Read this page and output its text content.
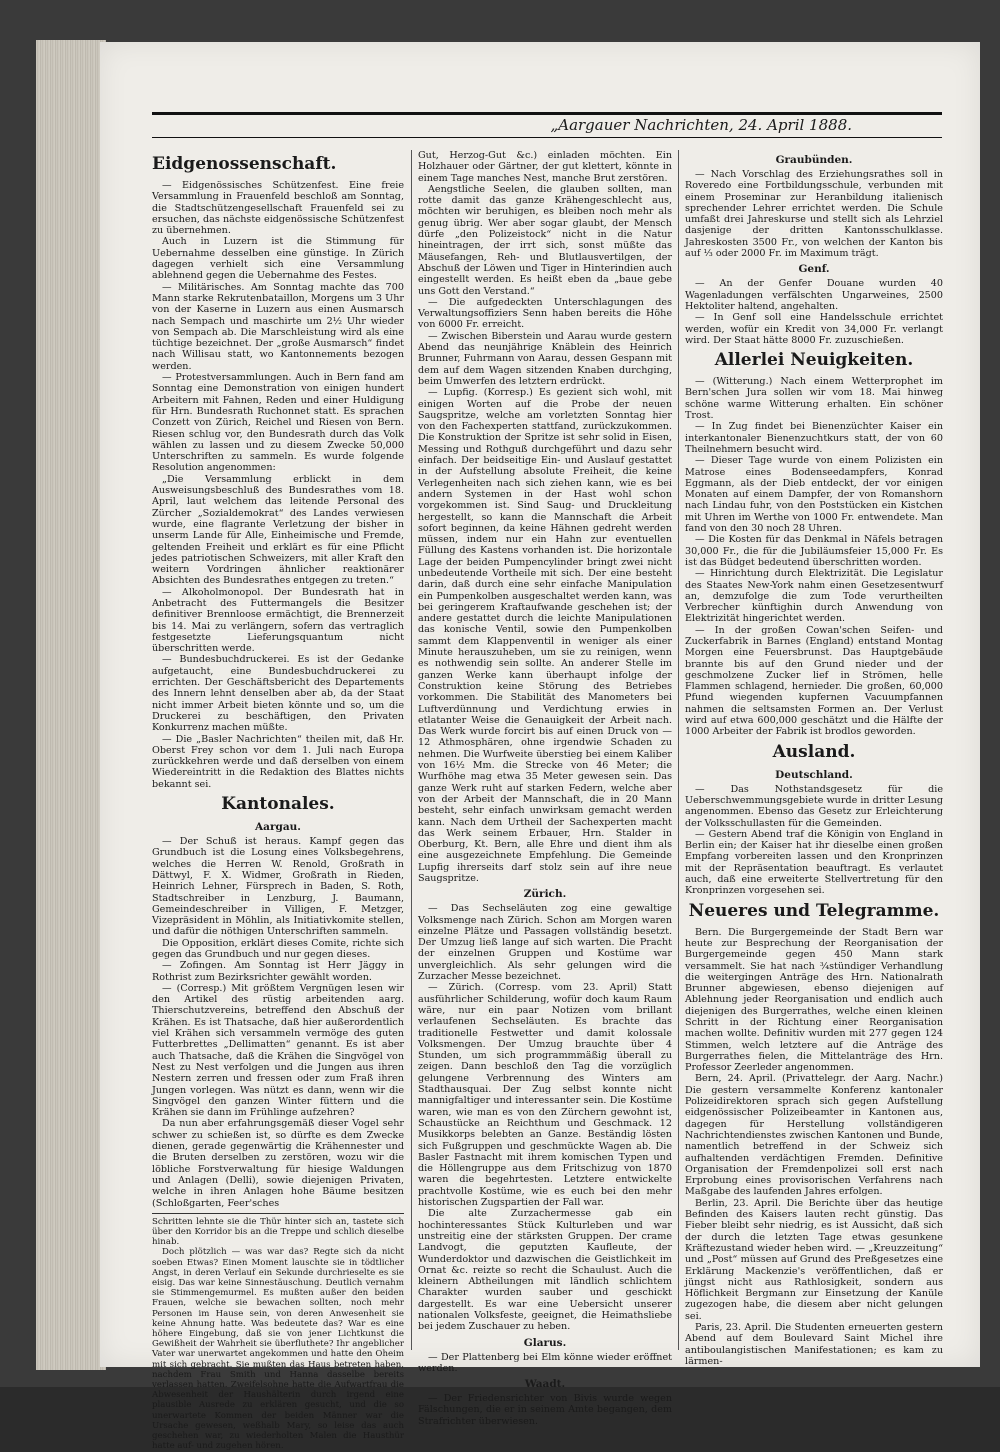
„Aargauer Nachrichten, 24. April 1888.
Eidgenossenschaft.

— Eidgenössisches Schützenfest. Eine freie Versammlung in Frauenfeld beschloß am Sonntag, die Stadtschützengesellschaft Frauenfeld sei zu ersuchen, das nächste eidgenössische Schützenfest zu übernehmen.

Auch in Luzern ist die Stimmung für Uebernahme desselben eine günstige. In Zürich dagegen verhielt sich eine Versammlung ablehnend gegen die Uebernahme des Festes.

— Militärisches. Am Sonntag machte das 700 Mann starke Rekrutenbataillon, Morgens um 3 Uhr von der Kaserne in Luzern aus einen Ausmarsch nach Sempach und maschirte um 2½ Uhr wieder von Sempach ab. Die Marschleistung wird als eine tüchtige bezeichnet. Der „große Ausmarsch“ findet nach Willisau statt, wo Kantonnements bezogen werden.

— Protestversammlungen. Auch in Bern fand am Sonntag eine Demonstration von einigen hundert Arbeitern mit Fahnen, Reden und einer Huldigung für Hrn. Bundesrath Ruchonnet statt. Es sprachen Conzett von Zürich, Reichel und Riesen von Bern. Riesen schlug vor, den Bundesrath durch das Volk wählen zu lassen und zu diesem Zwecke 50,000 Unterschriften zu sammeln. Es wurde folgende Resolution angenommen:

„Die Versammlung erblickt in dem Ausweisungsbeschluß des Bundesrathes vom 18. April, laut welchem das leitende Personal des Zürcher „Sozialdemokrat“ des Landes verwiesen wurde, eine flagrante Verletzung der bisher in unserm Lande für Alle, Einheimische und Fremde, geltenden Freiheit und erklärt es für eine Pflicht jedes patriotischen Schweizers, mit aller Kraft den weitern Vordringen ähnlicher reaktionärer Absichten des Bundesrathes entgegen zu treten.“

— Alkoholmonopol. Der Bundesrath hat in Anbetracht des Futtermangels die Besitzer definitiver Brennloose ermächtigt, die Brennerzeit bis 14. Mai zu verlängern, sofern das vertraglich festgesetzte Lieferungsquantum nicht überschritten werde.

— Bundesbuchdruckerei. Es ist der Gedanke aufgetaucht, eine Bundesbuchdruckerei zu errichten. Der Geschäftsbericht des Departements des Innern lehnt denselben aber ab, da der Staat nicht immer Arbeit bieten könnte und so, um die Druckerei zu beschäftigen, den Privaten Konkurrenz machen müßte.

— Die „Basler Nachrichten“ theilen mit, daß Hr. Oberst Frey schon vor dem 1. Juli nach Europa zurückkehren werde und daß derselben von einem Wiedereintritt in die Redaktion des Blattes nichts bekannt sei.

Kantonales.
Aargau.

— Der Schuß ist heraus. Kampf gegen das Grundbuch ist die Losung eines Volksbegehrens, welches die Herren W. Renold, Großrath in Dättwyl, F. X. Widmer, Großrath in Rieden, Heinrich Lehner, Fürsprech in Baden, S. Roth, Stadtschreiber in Lenzburg, J. Baumann, Gemeindeschreiber in Villigen, F. Metzger, Vizepräsident in Möhlin, als Initiativkomite stellen, und dafür die nöthigen Unterschriften sammeln.

Die Opposition, erklärt dieses Comite, richte sich gegen das Grundbuch und nur gegen dieses.

— Zofingen. Am Sonntag ist Herr Jäggy in Rothrist zum Bezirksrichter gewählt worden.

— (Corresp.) Mit größtem Vergnügen lesen wir den Artikel des rüstig arbeitenden aarg. Thierschutzvereins, betreffend den Abschuß der Krähen. Es ist Thatsache, daß hier außerordentlich viel Krähen sich versammeln vermöge des guten Futterbrettes „Dellimatten“ genannt. Es ist aber auch Thatsache, daß die Krähen die Singvögel von Nest zu Nest verfolgen und die Jungen aus ihren Nestern zerren und fressen oder zum Fraß ihren Jungen vorlegen. Was nützt es dann, wenn wir die Singvögel den ganzen Winter füttern und die Krähen sie dann im Frühlinge aufzehren?

Da nun aber erfahrungsgemäß dieser Vogel sehr schwer zu schießen ist, so dürfte es dem Zwecke dienen, gerade gegenwärtig die Krähennester und die Bruten derselben zu zerstören, wozu wir die löbliche Forstverwaltung für hiesige Waldungen und Anlagen (Delli), sowie diejenigen Privaten, welche in ihren Anlagen hohe Bäume besitzen (Schloßgarten, Feer'sches

Schritten lehnte sie die Thür hinter sich an, tastete sich über den Korridor bis an die Treppe und schlich dieselbe hinab.

Doch plötzlich — was war das? Regte sich da nicht soeben Etwas? Einen Moment lauschte sie in tödtlicher Angst, in deren Verlauf ein Sekunde durchrieselte es sie eisig. Das war keine Sinnestäuschung. Deutlich vernahm sie Stimmengemurmel. Es mußten außer den beiden Frauen, welche sie bewachen sollten, noch mehr Personen im Hause sein, von deren Anwesenheit sie keine Ahnung hatte. Was bedeutete das? War es eine höhere Eingebung, daß sie von jener Lichtkunst die Gewißheit der Wahrheit sie überfluthete? Ihr angeblicher Vater war unerwartet angekommen und hatte den Oheim mit sich gebracht. Sie mußten das Haus betreten haben, nachdem Frau Smith und Hanna dasselbe bereits verlassen hatten. Zweifelsohne hatte die Aufwartfrau die Abwesenheit der Haushälterin durch irgend eine plausible Ausrede zu erklären gesucht, und die so unerwartete Kommen der beiden Männer war die Ursache gewesen, weßhalb Mary, so leise das auch geschehen war, zu wiederholten Malen die Hausthür hatte auf- und zugehen hören.

Gut, Herzog-Gut &c.) einladen möchten. Ein Holzhauer oder Gärtner, der gut klettert, könnte in einem Tage manches Nest, manche Brut zerstören.

Aengstliche Seelen, die glauben sollten, man rotte damit das ganze Krähengeschlecht aus, möchten wir beruhigen, es bleiben noch mehr als genug übrig. Wer aber sogar glaubt, der Mensch dürfe „den Polizeistock“ nicht in die Natur hineintragen, der irrt sich, sonst müßte das Mäusefangen, Reh- und Blutlausvertilgen, der Abschuß der Löwen und Tiger in Hinterindien auch eingestellt werden. Es heißt eben da „baue gebe uns Gott den Verstand.“

— Die aufgedeckten Unterschlagungen des Verwaltungsoffiziers Senn haben bereits die Höhe von 6000 Fr. erreicht.

— Zwischen Biberstein und Aarau wurde gestern Abend das neunjährige Knäblein des Heinrich Brunner, Fuhrmann von Aarau, dessen Gespann mit dem auf dem Wagen sitzenden Knaben durchging, beim Umwerfen des letztern erdrückt.

— Lupfig. (Korresp.) Es gezient sich wohl, mit einigen Worten auf die Probe der neuen Saugspritze, welche am vorletzten Sonntag hier von den Fachexperten stattfand, zurückzukommen. Die Konstruktion der Spritze ist sehr solid in Eisen, Messing und Rothguß durchgeführt und dazu sehr einfach. Der beidseitige Ein- und Auslauf gestattet in der Aufstellung absolute Freiheit, die keine Verlegenheiten nach sich ziehen kann, wie es bei andern Systemen in der Hast wohl schon vorgekommen ist. Sind Saug- und Druckleitung hergestellt, so kann die Mannschaft die Arbeit sofort beginnen, da keine Hähnen gedreht werden müssen, indem nur ein Hahn zur eventuellen Füllung des Kastens vorhanden ist. Die horizontale Lage der beiden Pumpencylinder bringt zwei nicht unbedeutende Vortheile mit sich. Der eine besteht darin, daß durch eine sehr einfache Manipulation ein Pumpenkolben ausgeschaltet werden kann, was bei geringerem Kraftaufwande geschehen ist; der andere gestattet durch die leichte Manipulationen das konische Ventil, sowie den Pumpenkolben sammt dem Klappenventil in weniger als einer Minute herauszuheben, um sie zu reinigen, wenn es nothwendig sein sollte. An anderer Stelle im ganzen Werke kann überhaupt infolge der Construktion keine Störung des Betriebes vorkommen. Die Stabilität des Manometers bei Luftverdünnung und Verdichtung erwies in etlatanter Weise die Genauigkeit der Arbeit nach. Das Werk wurde forcirt bis auf einen Druck von — 12 Athmosphären, ohne irgendwie Schaden zu nehmen. Die Wurfweite überstieg bei einem Kaliber von 16½ Mm. die Strecke von 46 Meter; die Wurfhöhe mag etwa 35 Meter gewesen sein. Das ganze Werk ruht auf starken Federn, welche aber von der Arbeit der Mannschaft, die in 20 Mann besteht, sehr einfach unwirksam gemacht werden kann. Nach dem Urtheil der Sachexperten macht das Werk seinem Erbauer, Hrn. Stalder in Oberburg, Kt. Bern, alle Ehre und dient ihm als eine ausgezeichnete Empfehlung. Die Gemeinde Lupfig ihrerseits darf stolz sein auf ihre neue Saugspritze.

Zürich.

— Das Sechseläuten zog eine gewaltige Volksmenge nach Zürich. Schon am Morgen waren einzelne Plätze und Passagen vollständig besetzt. Der Umzug ließ lange auf sich warten. Die Pracht der einzelnen Gruppen und Kostüme war unvergleichlich. Als sehr gelungen wird die Zurzacher Messe bezeichnet.

— Zürich. (Corresp. vom 23. April) Statt ausführlicher Schilderung, wofür doch kaum Raum wäre, nur ein paar Notizen vom brillant verlaufenen Sechseläuten. Es brachte das traditionelle Festwetter und damit kolossale Volksmengen. Der Umzug brauchte über 4 Stunden, um sich programmmäßig überall zu zeigen. Dann beschloß den Tag die vorzüglich gelungene Verbrennung des Winters am Stadthausquai. Der Zug selbst konnte nicht mannigfaltiger und interessanter sein. Die Kostüme waren, wie man es von den Zürchern gewohnt ist, Schaustücke an Reichthum und Geschmack. 12 Musikkorps belebten an Ganze. Beständig lösten sich Fußgruppen und geschmückte Wagen ab. Die Basler Fastnacht mit ihrem komischen Typen und die Höllengruppe aus dem Fritschizug von 1870 waren die begehrtesten. Letztere entwickelte prachtvolle Kostüme, wie es euch bei den mehr historischen Zugspartien der Fall war.

Die alte Zurzachermesse gab ein hochinteressantes Stück Kulturleben und war unstreitig eine der stärksten Gruppen. Der crame Landvogt, die geputzten Kaufleute, der Wunderdoktor und dazwischen die Geistlichkeit im Ornat &c. reizte so recht die Schaulust. Auch die kleinern Abtheilungen mit ländlich schlichtem Charakter wurden sauber und geschickt dargestellt. Es war eine Uebersicht unserer nationalen Volksfeste, geeignet, die Heimathsliebe bei jedem Zuschauer zu heben.

Glarus.

— Der Plattenberg bei Elm könne wieder eröffnet werden.

Waadt.

— Der Friedensrichter von Bivis wurde wegen Fälschungen, die er in seinem Amte begangen, dem Strafrichter überwiesen.

Graubünden.

— Nach Vorschlag des Erziehungsrathes soll in Roveredo eine Fortbildungsschule, verbunden mit einem Proseminar zur Heranbildung italienisch sprechender Lehrer errichtet werden. Die Schule umfaßt drei Jahreskurse und stellt sich als Lehrziel dasjenige der dritten Kantonsschulklasse. Jahreskosten 3500 Fr., von welchen der Kanton bis auf ⅓ oder 2000 Fr. im Maximum trägt.

Genf.

— An der Genfer Douane wurden 40 Wagenladungen verfälschten Ungarweines, 2500 Hektoliter haltend, angehalten.

— In Genf soll eine Handelsschule errichtet werden, wofür ein Kredit von 34,000 Fr. verlangt wird. Der Staat hätte 8000 Fr. zuzuschießen.

Allerlei Neuigkeiten.

— (Witterung.) Nach einem Wetterprophet im Bern'schen Jura sollen wir vom 18. Mai hinweg schöne warme Witterung erhalten. Ein schöner Trost.

— In Zug findet bei Bienenzüchter Kaiser ein interkantonaler Bienenzuchtkurs statt, der von 60 Theilnehmern besucht wird.

— Dieser Tage wurde von einem Polizisten ein Matrose eines Bodenseedampfers, Konrad Eggmann, als der Dieb entdeckt, der vor einigen Monaten auf einem Dampfer, der von Romanshorn nach Lindau fuhr, von den Poststücken ein Kistchen mit Uhren im Werthe von 1000 Fr. entwendete. Man fand von den 30 noch 28 Uhren.

— Die Kosten für das Denkmal in Näfels betragen 30,000 Fr., die für die Jubiläumsfeier 15,000 Fr. Es ist das Büdget bedeutend überschritten worden.

— Hinrichtung durch Elektrizität. Die Legislatur des Staates New-York nahm einen Gesetzesentwurf an, demzufolge die zum Tode verurtheilten Verbrecher künftighin durch Anwendung von Elektrizität hingerichtet werden.

— In der großen Cowan'schen Seifen- und Zuckerfabrik in Barnes (England) entstand Montag Morgen eine Feuersbrunst. Das Hauptgebäude brannte bis auf den Grund nieder und der geschmolzene Zucker lief in Strömen, helle Flammen schlagend, hernieder. Die großen, 60,000 Pfund wiegenden kupfernen Vacuumpfannen nahmen die seltsamsten Formen an. Der Verlust wird auf etwa 600,000 geschätzt und die Hälfte der 1000 Arbeiter der Fabrik ist brodlos geworden.

Ausland.
Deutschland.

— Das Nothstandsgesetz für die Ueberschwemmungsgebiete wurde in dritter Lesung angenommen. Ebenso das Gesetz zur Erleichterung der Volksschullasten für die Gemeinden.

— Gestern Abend traf die Königin von England in Berlin ein; der Kaiser hat ihr dieselbe einen großen Empfang vorbereiten lassen und den Kronprinzen mit der Repräsentation beauftragt. Es verlautet auch, daß eine erweiterte Stellvertretung für den Kronprinzen vorgesehen sei.

Neueres und Telegramme.

Bern. Die Burgergemeinde der Stadt Bern war heute zur Besprechung der Reorganisation der Burgergemeinde gegen 450 Mann stark versammelt. Sie hat nach ¾stündiger Verhandlung die weitergingen Anträge des Hrn. Nationalrath Brunner abgewiesen, ebenso diejenigen auf Ablehnung jeder Reorganisation und endlich auch diejenigen des Burgerrathes, welche einen kleinen Schritt in der Richtung einer Reorganisation machen wollte. Definitiv wurden mit 277 gegen 124 Stimmen, welch letztere auf die Anträge des Burgerrathes fielen, die Mittelanträge des Hrn. Professor Zeerleder angenommen.

Bern, 24. April. (Privattelegr. der Aarg. Nachr.) Die gestern versammelte Konferenz kantonaler Polizeidirektoren sprach sich gegen Aufstellung eidgenössischer Polizeibeamter in Kantonen aus, dagegen für Herstellung vollständigeren Nachrichtendienstes zwischen Kantonen und Bunde, namentlich betreffend in der Schweiz sich aufhaltenden verdächtigen Fremden. Definitive Organisation der Fremdenpolizei soll erst nach Erprobung eines provisorischen Verfahrens nach Maßgabe des laufenden Jahres erfolgen.

Berlin, 23. April. Die Berichte über das heutige Befinden des Kaisers lauten recht günstig. Das Fieber bleibt sehr niedrig, es ist Aussicht, daß sich der durch die letzten Tage etwas gesunkene Kräftezustand wieder heben wird. — „Kreuzzeitung“ und „Post“ müssen auf Grund des Preßgesetzes eine Erklärung Mackenzie's veröffentlichen, daß er jüngst nicht aus Rathlosigkeit, sondern aus Höflichkeit Bergmann zur Einsetzung der Kanüle zugezogen habe, die diesem aber nicht gelungen sei.

Paris, 23. April. Die Studenten erneuerten gestern Abend auf dem Boulevard Saint Michel ihre antiboulangistischen Manifestationen; es kam zu lärmen-
